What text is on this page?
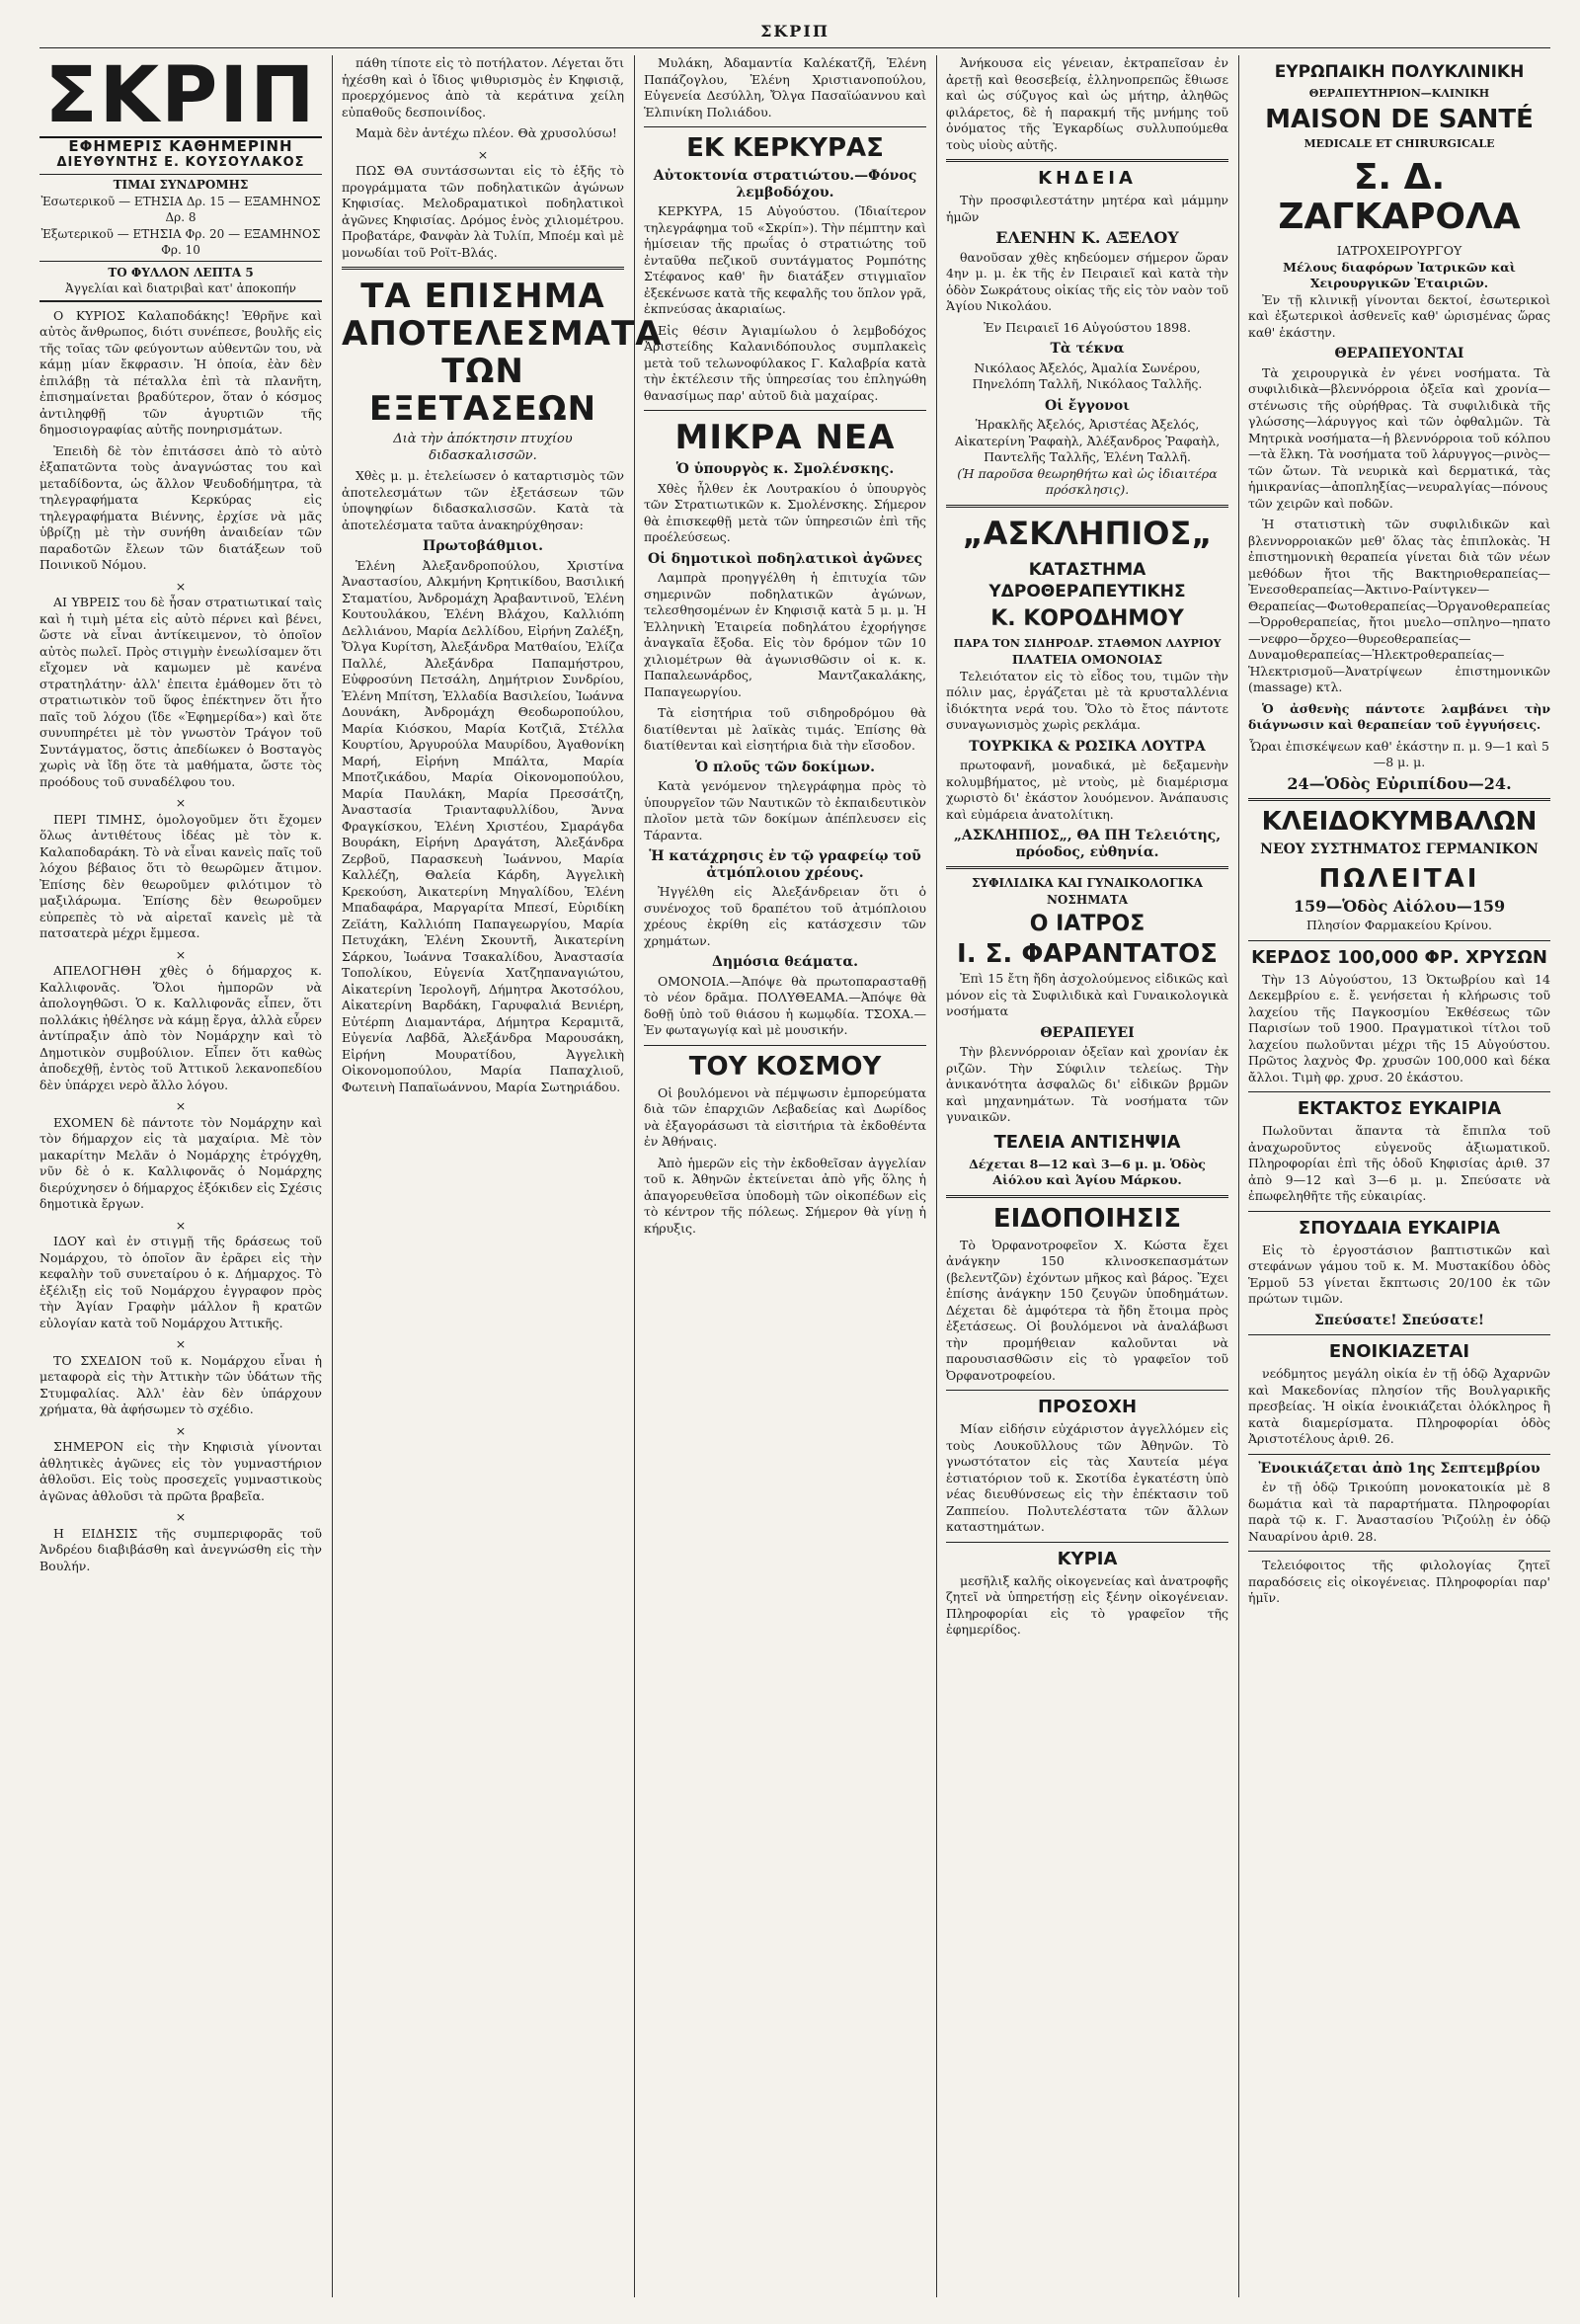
ΣΚΡΙΠ
ΣΚΡΙΠ
ΕΦΗΜΕΡΙΣ ΚΑΘΗΜΕΡΙΝΗ
ΔΙΕΥΘΥΝΤΗΣ Ε. ΚΟΥΣΟΥΛΑΚΟΣ
ΤΙΜΑΙ ΣΥΝΔΡΟΜΗΣ
Ἐσωτερικοῦ — ΕΤΗΣΙΑ Δρ. 15 — ΕΞΑΜΗΝΟΣ Δρ. 8
Ἐξωτερικοῦ — ΕΤΗΣΙΑ Φρ. 20 — ΕΞΑΜΗΝΟΣ Φρ. 10
ΤΟ ΦΥΛΛΟΝ ΛΕΠΤΑ 5
Ἀγγελίαι καὶ διατριβαὶ κατ' ἀποκοπήν

Ο ΚΥΡΙΟΣ Καλαποδάκης! Ἐθρῆνε καὶ αὐτὸς ἄνθρωπος, διότι συνέπεσε, βουλῆς εἰς τῆς τοῖας τῶν φεύγοντων αὐθεντῶν του, νὰ κάμῃ μίαν ἔκφρασιν. Ἡ ὁποία, ἐὰν δὲν ἐπιλάβῃ τὰ πέταλλα ἐπὶ τὰ πλανῆτη, ἐπισημαίνεται βραδύτερον, ὅταν ὁ κόσμος ἀντιληφθῇ τῶν ἀγυρτιῶν τῆς δημοσιογραφίας αὐτῆς πονηρισμάτων.

Ἐπειδὴ δὲ τὸν ἐπιτάσσει ἀπὸ τὸ αὐτὸ ἐξαπατῶντα τοὺς ἀναγνώστας του καὶ μεταδίδοντα, ὡς ἄλλον Ψευδοδήμητρα, τὰ τηλεγραφήματα Κερκύρας εἰς τηλεγραφήματα Βιέννης, ἐρχίσε νὰ μᾶς ὑβρίζῃ μὲ τὴν συνήθη ἀναιδείαν τῶν παραδοτῶν ἔλεων τῶν διατάξεων τοῦ Ποινικοῦ Νόμου.

×

ΑΙ ΥΒΡΕΙΣ του δὲ ἦσαν στρατιωτικαί ταὶς καὶ ἡ τιμὴ μέτα εἰς αὐτὸ πέρνει καὶ βένει, ὥστε νὰ εἶναι ἀντίκειμενον, τὸ ὁποῖον αὐτὸς πωλεῖ. Πρὸς στιγμὴν ἐνεωλίσαμεν ὅτι εἴχομεν νὰ καμωμεν μὲ κανένα στρατηλάτην· ἀλλ' ἐπειτα ἐμάθομεν ὅτι τὸ στρατιωτικὸν τοῦ ὕφος ἐπέκτηνεν ὅτι ἦτο παῖς τοῦ λόχου (ἴδε «Ἐφημερίδα») καὶ ὅτε συνυπηρέτει μὲ τὸν γνωστὸν Τράγον τοῦ Συντάγματος, ὅστις ἀπεδίωκεν ὁ Βοσταγὸς χωρὶς νὰ ἴδῃ ὅτε τὰ μαθήματα, ὥστε τὸς προόδους τοῦ συναδέλφου του.

×

ΠΕΡΙ ΤΙΜΗΣ, ὁμολογοῦμεν ὅτι ἔχομεν ὅλως ἀντιθέτους ἰδέας μὲ τὸν κ. Καλαποδαράκη. Τὸ νὰ εἶναι κανεὶς παῖς τοῦ λόχου βέβαιος ὅτι τὸ θεωρῶμεν ἄτιμον. Ἐπίσης δὲν θεωροῦμεν φιλότιμον τὸ μαξιλάρωμα. Ἐπίσης δὲν θεωροῦμεν εὐπρεπὲς τὸ νὰ αἰρεταῖ κανεὶς μὲ τὰ πατσατερὰ μέχρι ἔμμεσα.

×

ΑΠΕΛΟΓΗΘΗ χθὲς ὁ δήμαρχος κ. Καλλιφονᾶς. Ὅλοι ἠμπορῶν νὰ ἀπολογηθῶσι. Ὁ κ. Καλλιφονᾶς εἶπεν, ὅτι πολλάκις ἠθέλησε νὰ κάμῃ ἔργα, ἀλλὰ εὗρεν ἀντίπραξιν ἀπὸ τὸν Νομάρχην καὶ τὸ Δημοτικὸν συμβούλιον. Εἶπεν ὅτι καθὼς ἀποδεχθῇ, ἐντὸς τοῦ Ἀττικοῦ λεκανοπεδίου δὲν ὑπάρχει νερὸ ἄλλο λόγου.

×

ΕΧΟΜΕΝ δὲ πάντοτε τὸν Νομάρχην καὶ τὸν δήμαρχον εἰς τὰ μαχαίρια. Μὲ τὸν μακαρίτην Μελᾶν ὁ Νομάρχης ἐτρόγχθη, νῦν δὲ ὁ κ. Καλλιφονᾶς ὁ Νομάρχης διερύχνησεν ὁ δήμαρχος ἐξόκιδεν εἰς Σχέσις δημοτικὰ ἔργων.

×

ΙΔΟΥ καὶ ἐν στιγμῇ τῆς δράσεως τοῦ Νομάρχου, τὸ ὁποῖον ἂν ἐρᾶρει εἰς τὴν κεφαλὴν τοῦ συνεταίρου ὁ κ. Δήμαρχος. Τὸ ἐξέλιξῃ εἰς τοῦ Νομάρχου ἐγγραφον πρὸς τὴν Ἁγίαν Γραφὴν μάλλον ἢ κρατῶν εὐλογίαν κατὰ τοῦ Νομάρχου Ἀττικῆς.

×

ΤΟ ΣΧΕΔΙΟΝ τοῦ κ. Νομάρχου εἶναι ἡ μεταφορὰ εἰς τὴν Ἀττικὴν τῶν ὑδάτων τῆς Στυμφαλίας. Ἀλλ' ἐὰν δὲν ὑπάρχουν χρήματα, θὰ ἀφήσωμεν τὸ σχέδιο.

×

ΣΗΜΕΡΟΝ εἰς τὴν Κηφισιὰ γίνονται ἀθλητικὲς ἀγῶνες εἰς τὸν γυμναστήριον ἀθλοῦσι. Εἰς τοὺς προσεχεῖς γυμναστικοὺς ἀγῶνας ἀθλοῦσι τὰ πρῶτα βραβεῖα.

×

Η ΕΙΔΗΣΙΣ τῆς συμπεριφορᾶς τοῦ Ἀνδρέου διαβιβάσθη καὶ ἀνεγνώσθη εἰς τὴν Βουλήν.

πάθη τίποτε εἰς τὸ ποτήλατον. Λέγεται ὅτι ἡχέσθη καὶ ὁ ἴδιος ψιθυρισμὸς ἐν Κηφισιᾷ, προερχόμενος ἀπὸ τὰ κεράτινα χείλη εὐπαθοῦς δεσποινίδος.

Μαμὰ δὲν ἀντέχω πλέον. Θὰ χρυσολύσω!

×

ΠΩΣ ΘΑ συντάσσωνται εἰς τὸ ἑξῆς τὸ προγράμματα τῶν ποδηλατικῶν ἀγώνων Κηφισίας. Μελοδραματικοὶ ποδηλατικοὶ ἀγῶνες Κηφισίας. Δρόμος ἑνὸς χιλιομέτρου. Προβατάρε, Φανφὰν λὰ Τυλίπ, Μποέμ καὶ μὲ μονωδίαι τοῦ Ροϊτ-Βλάς.

ΤΑ ΕΠΙΣΗΜΑ ΑΠΟΤΕΛΕΣΜΑΤΑ ΤΩΝ ΕΞΕΤΑΣΕΩΝ
Διὰ τὴν ἀπόκτησιν πτυχίου διδασκαλισσῶν.

Χθὲς μ. μ. ἐτελείωσεν ὁ καταρτισμὸς τῶν ἀποτελεσμάτων τῶν ἐξετάσεων τῶν ὑποψηφίων διδασκαλισσῶν. Κατὰ τὰ ἀποτελέσματα ταῦτα ἀνακηρύχθησαν:

Πρωτοβάθμιοι.

Ἑλένη Ἀλεξανδροπούλου, Χριστίνα Ἀναστασίου, Αλκμήνη Κρητικίδου, Βασιλική Σταματίου, Ἀνδρομάχη Ἀραβαντινοῦ, Ἑλένη Κουτουλάκου, Ἑλένη Βλάχου, Καλλιόπη Δελλιάνου, Μαρία Δελλίδου, Εἰρήνη Ζαλέξη, Ὄλγα Κυρίτση, Ἀλεξάνδρα Ματθαίου, Ἐλίζα Παλλέ, Ἀλεξάνδρα Παπαμήστρου, Εὐφροσύνη Πετσάλη, Δημήτριον Συνδρίου, Ἑλένη Μπίτση, Ἑλλαδία Βασιλείου, Ἰωάννα Δουνάκη, Ἀνδρομάχη Θεοδωροπούλου, Μαρία Κιόσκου, Μαρία Κοτζιᾶ, Στέλλα Κουρτίου, Ἀργυρούλα Μαυρίδου, Ἀγαθονίκη Μαρή, Εἰρήνη Μπάλτα, Μαρία Μποτζικάδου, Μαρία Οἰκονομοπούλου, Μαρία Παυλάκη, Μαρία Πρεσσάτζη, Ἀναστασία Τριανταφυλλίδου, Ἄννα Φραγκίσκου, Ἑλένη Χριστέου, Σμαράγδα Βουράκη, Εἰρήνη Δραγάτση, Ἀλεξάνδρα Ζερβοῦ, Παρασκευὴ Ἰωάννου, Μαρία Καλλέζη, Θαλεία Κάρδη, Ἀγγελικὴ Κρεκούση, Ἀικατερίνη Μηγαλίδου, Ἑλένη Μπαδαφάρα, Μαργαρίτα Μπεσί, Εὐριδίκη Ζεϊάτη, Καλλιόπη Παπαγεωργίου, Μαρία Πετυχάκη, Ἑλένη Σκουντῆ, Ἀικατερίνη Σάρκου, Ἰωάννα Τσακαλίδου, Ἀναστασία Τοπολίκου, Εὐγενία Χατζηπαναγιώτου, Αἰκατερίνη Ἰερολογῆ, Δήμητρα Ἀκοτσόλου, Αἰκατερίνη Βαρδάκη, Γαρυφαλιά Βενιέρη, Εὐτέρπη Διαμαντάρα, Δήμητρα Κεραμιτᾶ, Εὐγενία Λαβδᾶ, Ἀλεξάνδρα Μαρουσάκη, Εἰρήνη Μουρατίδου, Ἀγγελικὴ Οἰκονομοπούλου, Μαρία Παπαχλιοῦ, Φωτεινὴ Παπαϊωάννου, Μαρία Σωτηριάδου.

Μυλάκη, Ἀδαμαντία Καλέκατζῆ, Ἑλένη Παπάζογλου, Ἑλένη Χριστιανοπούλου, Εὐγενεία Δεσύλλη, Ὄλγα Πασαϊώαννου καὶ Ἑλπινίκη Πολιάδου.

ΕΚ ΚΕΡΚΥΡΑΣ
Αὐτοκτονία στρατιώτου.—Φόνος λεμβοδόχου.

ΚΕΡΚΥΡΑ, 15 Αὐγούστου. (Ἰδιαίτερον τηλεγράφημα τοῦ «Σκρίπ»). Τὴν πέμπτην καὶ ἡμίσειαν τῆς πρωΐας ὁ στρατιώτης τοῦ ἐνταῦθα πεζικοῦ συντάγματος Ρομπότης Στέφανος καθ' ἣν διατάξεν στιγμιαῖον ἐξεκένωσε κατὰ τῆς κεφαλῆς του ὅπλον γρᾶ, ἐκπνεύσας ἀκαριαίως.

Εἰς θέσιν Ἀγιαμίωλου ὁ λεμβοδόχος Ἀριστείδης Καλανιδόπουλος συμπλακεὶς μετὰ τοῦ τελωνοφύλακος Γ. Καλαβρία κατὰ τὴν ἐκτέλεσιν τῆς ὑπηρεσίας του ἐπληγώθη θανασίμως παρ' αὐτοῦ διὰ μαχαίρας.

ΜΙΚΡΑ ΝΕΑ
Ὁ ὑπουργὸς κ. Σμολένσκης.

Χθὲς ἦλθεν ἐκ Λουτρακίου ὁ ὑπουργὸς τῶν Στρατιωτικῶν κ. Σμολένσκης. Σήμερον θὰ ἐπισκεφθῇ μετὰ τῶν ὑπηρεσιῶν ἐπὶ τῆς προέλεύσεως.

Οἱ δημοτικοὶ ποδηλατικοὶ ἀγῶνες

Λαμπρὰ προηγγέλθη ἡ ἐπιτυχία τῶν σημερινῶν ποδηλατικῶν ἀγώνων, τελεσθησομένων ἐν Κηφισιᾷ κατὰ 5 μ. μ. Ἡ Ἑλληνικὴ Ἑταιρεία ποδηλάτου ἐχορήγησε ἀναγκαῖα ἔξοδα. Εἰς τὸν δρόμον τῶν 10 χιλιομέτρων θὰ ἀγωνισθῶσιν οἱ κ. κ. Παπαλεωνάρδος, Μαντζακαλάκης, Παπαγεωργίου.

Τὰ εἰσητήρια τοῦ σιδηροδρόμου θὰ διατίθενται μὲ λαϊκὰς τιμάς. Ἐπίσης θὰ διατίθενται καὶ εἰσητήρια διὰ τὴν εἴσοδον.

Ὁ πλοῦς τῶν δοκίμων.

Κατὰ γενόμενον τηλεγράφημα πρὸς τὸ ὑπουργεῖον τῶν Ναυτικῶν τὸ ἐκπαιδευτικὸν πλοῖον μετὰ τῶν δοκίμων ἀπέπλευσεν εἰς Τάραντα.

Ἡ κατάχρησις ἐν τῷ γραφείῳ τοῦ ἀτμόπλοιου χρέους.

Ἠγγέλθη εἰς Ἀλεξάνδρειαν ὅτι ὁ συνένοχος τοῦ δραπέτου τοῦ ἀτμόπλοιου χρέους ἐκρίθη εἰς κατάσχεσιν τῶν χρημάτων.

Δημόσια θεάματα.

ΟΜΟΝΟΙΑ.—Ἀπόψε θὰ πρωτοπαρασταθῇ τὸ νέον δρᾶμα. ΠΟΛΥΘΕΑΜΑ.—Ἀπόψε θὰ δοθῇ ὑπὸ τοῦ θιάσου ἡ κωμῳδία. ΤΣΟΧΑ.—Ἐν φωταγωγίᾳ καὶ μὲ μουσικήν.

ΤΟΥ ΚΟΣΜΟΥ

Οἱ βουλόμενοι νὰ πέμψωσιν ἐμπορεύματα διὰ τῶν ἐπαρχιῶν Λεβαδείας καὶ Δωρίδος νὰ ἐξαγοράσωσι τὰ εἰσιτήρια τὰ ἐκδοθέντα ἐν Ἀθήναις.

Ἀπὸ ἡμερῶν εἰς τὴν ἐκδοθεῖσαν ἀγγελίαν τοῦ κ. Ἀθηνῶν ἐκτείνεται ἀπὸ γῆς ὅλης ἡ ἀπαγορευθεῖσα ὑποδομὴ τῶν οἰκοπέδων εἰς τὸ κέντρον τῆς πόλεως. Σήμερον θὰ γίνῃ ἡ κήρυξις.

Ἀνήκουσα εἰς γένειαν, ἐκτραπεῖσαν ἐν ἀρετῇ καὶ θεοσεβείᾳ, ἐλληνοπρεπῶς ἔθιωσε καὶ ὡς σύζυγος καὶ ὡς μήτηρ, ἀληθῶς φιλάρετος, δὲ ἡ παρακμή τῆς μνήμης τοῦ ὀνόματος τῆς Ἐγκαρδίως συλλυπούμεθα τοὺς υἱοὺς αὐτῆς.

ΚΗΔΕΙΑ

Τὴν προσφιλεστάτην μητέρα καὶ μάμμην ἡμῶν

ΕΛΕΝΗΝ Κ. ΑΞΕΛΟΥ

θανοῦσαν χθὲς κηδεύομεν σήμερον ὥραν 4ην μ. μ. ἐκ τῆς ἐν Πειραιεῖ καὶ κατὰ τὴν ὁδὸν Σωκράτους οἰκίας τῆς εἰς τὸν ναὸν τοῦ Ἁγίου Νικολάου.

Ἐν Πειραιεῖ 16 Αὐγούστου 1898.
Τὰ τέκνα
Νικόλαος Ἀξελός, Ἀμαλία Σωνέρου, Πηνελόπη Ταλλῆ, Νικόλαος Ταλλῆς.
Οἱ ἔγγονοι
Ἡρακλῆς Ἀξελός, Ἀριστέας Ἀξελός, Αἰκατερίνη Ῥαφαὴλ, Ἀλέξανδρος Ῥαφαὴλ, Παντελῆς Ταλλῆς, Ἑλένη Ταλλῆ.
(Ἡ παροῦσα θεωρηθήτω καὶ ὡς ἰδιαιτέρα πρόσκλησις).
„ΑΣΚΛΗΠΙΟΣ„
ΚΑΤΑΣΤΗΜΑ ΥΔΡΟΘΕΡΑΠΕΥΤΙΚΗΣ
Κ. ΚΟΡΟΔΗΜΟΥ
ΠΑΡΑ ΤΟΝ ΣΙΔΗΡΟΔΡ. ΣΤΑΘΜΟΝ ΛΑΥΡΙΟΥ
ΠΛΑΤΕΙΑ ΟΜΟΝΟΙΑΣ

Τελειότατον εἰς τὸ εἶδος του, τιμῶν τὴν πόλιν μας, ἐργάζεται μὲ τὰ κρυσταλλένια ἰδιόκτητα νερά του. Ὅλο τὸ ἔτος πάντοτε συναγωνισμὸς χωρὶς ρεκλάμα.

ΤΟΥΡΚΙΚΑ & ΡΩΣΙΚΑ ΛΟΥΤΡΑ

πρωτοφανῆ, μοναδικά, μὲ δεξαμενὴν κολυμβήματος, μὲ ντοὺς, μὲ διαμέρισμα χωριστὸ δι' ἐκάστον λουόμενον. Ἀνάπαυσις καὶ εὐμάρεια ἀνατολίτικη.

„ΑΣΚΛΗΠΙΟΣ„, ΘΑ ΠΗ Τελειότης, πρόοδος, εὐθηνία.
ΣΥΦΙΛΙΔΙΚΑ ΚΑΙ ΓΥΝΑΙΚΟΛΟΓΙΚΑ ΝΟΣΗΜΑΤΑ
Ο ΙΑΤΡΟΣ
Ι. Σ. ΦΑΡΑΝΤΑΤΟΣ

Ἐπὶ 15 ἔτη ἤδη ἀσχολούμενος εἰδικῶς καὶ μόνον εἰς τὰ Συφιλιδικὰ καὶ Γυναικολογικὰ νοσήματα

ΘΕΡΑΠΕΥΕΙ

Τὴν βλεννόρροιαν ὀξεῖαν καὶ χρονίαν ἐκ ριζῶν. Τὴν Σύφιλιν τελείως. Τὴν ἀνικανότητα ἀσφαλῶς δι' εἰδικῶν βρμῶν καὶ μηχανημάτων. Τὰ νοσήματα τῶν γυναικῶν.

ΤΕΛΕΙΑ ΑΝΤΙΣΗΨΙΑ
Δέχεται 8—12 καὶ 3—6 μ. μ. Ὁδὸς Αἰόλου καὶ Ἁγίου Μάρκου.
ΕΙΔΟΠΟΙΗΣΙΣ

Τὸ Ὀρφανοτροφεῖον Χ. Κώστα ἔχει ἀνάγκην 150 κλινοσκεπασμάτων (βελεντζῶν) ἐχόντων μῆκος καὶ βάρος. Ἔχει ἐπίσης ἀνάγκην 150 ζευγῶν ὑποδημάτων. Δέχεται δὲ ἀμφότερα τὰ ἤδη ἔτοιμα πρὸς ἐξετάσεως. Οἱ βουλόμενοι νὰ ἀναλάβωσι τὴν προμήθειαν καλοῦνται νὰ παρουσιασθῶσιν εἰς τὸ γραφεῖον τοῦ Ὀρφανοτροφείου.

ΠΡΟΣΟΧΗ

Μίαν εἰδήσιν εὐχάριστον ἀγγελλόμεν εἰς τοὺς Λουκοῦλλους τῶν Ἀθηνῶν. Τὸ γνωστότατον εἰς τὰς Χαυτεία μέγα ἑστιατόριον τοῦ κ. Σκοτίδα ἐγκατέστη ὑπὸ νέας διευθύνσεως εἰς τὴν ἐπέκτασιν τοῦ Ζαππείου. Πολυτελέστατα τῶν ἄλλων καταστημάτων.

ΚΥΡΙΑ

μεσῆλιξ καλῆς οἰκογενείας καὶ ἀνατροφῆς ζητεῖ νὰ ὑπηρετήσῃ εἰς ξένην οἰκογένειαν. Πληροφορίαι εἰς τὸ γραφεῖον τῆς ἐφημερίδος.

ΕΥΡΩΠΑΙΚΗ ΠΟΛΥΚΛΙΝΙΚΗ
ΘΕΡΑΠΕΥΤΗΡΙΟΝ—ΚΛΙΝΙΚΗ
MAISON DE SANTÉ
MEDICALE ET CHIRURGICALE
Σ. Δ. ΖΑΓΚΑΡΟΛΑ
ΙΑΤΡΟΧΕΙΡΟΥΡΓΟΥ
Μέλους διαφόρων Ἰατρικῶν καὶ Χειρουργικῶν Ἑταιριῶν.

Ἐν τῇ κλινικῇ γίνονται δεκτοί, ἐσωτερικοὶ καὶ ἐξωτερικοὶ ἀσθενεῖς καθ' ὡρισμένας ὥρας καθ' ἑκάστην.

ΘΕΡΑΠΕΥΟΝΤΑΙ

Τὰ χειρουργικὰ ἐν γένει νοσήματα. Τὰ συφιλιδικὰ—βλεννόρροια ὀξεῖα καὶ χρονία—στένωσις τῆς οὐρήθρας. Τὰ συφιλιδικὰ τῆς γλώσσης—λάρυγγος καὶ τῶν ὀφθαλμῶν. Τὰ Μητρικὰ νοσήματα—ἡ βλεννόρροια τοῦ κόλπου—τὰ ἕλκη. Τὰ νοσήματα τοῦ λάρυγγος—ρινὸς—τῶν ὤτων. Τὰ νευρικὰ καὶ δερματικά, τὰς ἡμικρανίας—ἀποπληξίας—νευραλγίας—πόνους τῶν χειρῶν καὶ ποδῶν.

Ἡ στατιστικὴ τῶν συφιλιδικῶν καὶ βλεννορροιακῶν μεθ' ὅλας τὰς ἐπιπλοκὰς. Ἡ ἐπιστημονικὴ θεραπεία γίνεται διὰ τῶν νέων μεθόδων ἤτοι τῆς Βακτηριοθεραπείας—Ἐνεσοθεραπείας—Ἀκτινο-Ραίντγκεν—Θεραπείας—Φωτοθεραπείας—Ὀργανοθεραπείας—Ὀρροθεραπείας, ἤτοι μυελο—σπληνο—ηπατο—νεφρο—ὄρχεο—θυρεοθεραπείας—Δυναμοθεραπείας—Ἡλεκτροθεραπείας—Ἡλεκτρισμοῦ—Ἀνατρίψεων ἐπιστημονικῶν (massage) κτλ.

Ὁ ἀσθενὴς πάντοτε λαμβάνει τὴν διάγνωσιν καὶ θεραπείαν τοῦ ἐγγυήσεις.

Ὧραι ἐπισκέψεων καθ' ἑκάστην π. μ. 9—1 καὶ 5—8 μ. μ.
24—Ὁδὸς Εὐριπίδου—24.
ΚΛΕΙΔΟΚΥΜΒΑΛΩΝ
ΝΕΟΥ ΣΥΣΤΗΜΑΤΟΣ ΓΕΡΜΑΝΙΚΟΝ
ΠΩΛΕΙΤΑΙ
159—Ὁδὸς Αἰόλου—159
Πλησίον Φαρμακείου Κρίνου.
ΚΕΡΔΟΣ 100,000 ΦΡ. ΧΡΥΣΩΝ

Τὴν 13 Αὐγούστου, 13 Ὀκτωβρίου καὶ 14 Δεκεμβρίου ε. ἔ. γενήσεται ἡ κλήρωσις τοῦ λαχείου τῆς Παγκοσμίου Ἐκθέσεως τῶν Παρισίων τοῦ 1900. Πραγματικοὶ τίτλοι τοῦ λαχείου πωλοῦνται μέχρι τῆς 15 Αὐγούστου. Πρῶτος λαχνὸς Φρ. χρυσῶν 100,000 καὶ δέκα ἄλλοι. Τιμὴ φρ. χρυσ. 20 ἑκάστου.

ΕΚΤΑΚΤΟΣ ΕΥΚΑΙΡΙΑ

Πωλοῦνται ἅπαντα τὰ ἔπιπλα τοῦ ἀναχωροῦντος εὐγενοῦς ἀξιωματικοῦ. Πληροφορίαι ἐπὶ τῆς ὁδοῦ Κηφισίας ἀριθ. 37 ἀπὸ 9—12 καὶ 3—6 μ. μ. Σπεύσατε νὰ ἐπωφεληθῆτε τῆς εὐκαιρίας.

ΣΠΟΥΔΑΙΑ ΕΥΚΑΙΡΙΑ

Εἰς τὸ ἐργοστάσιον βαπτιστικῶν καὶ στεφάνων γάμου τοῦ κ. Μ. Μυστακίδου ὁδὸς Ἑρμοῦ 53 γίνεται ἔκπτωσις 20/100 ἐκ τῶν πρώτων τιμῶν.

Σπεύσατε! Σπεύσατε!
ΕΝΟΙΚΙΑΖΕΤΑΙ

νεόδμητος μεγάλη οἰκία ἐν τῇ ὁδῷ Ἀχαρνῶν καὶ Μακεδονίας πλησίον τῆς Βουλγαρικῆς πρεσβείας. Ἡ οἰκία ἐνοικιάζεται ὁλόκληρος ἢ κατὰ διαμερίσματα. Πληροφορίαι ὁδὸς Ἀριστοτέλους ἀριθ. 26.

Ἐνοικιάζεται ἀπὸ 1ης Σεπτεμβρίου

ἐν τῇ ὁδῷ Τρικούπη μονοκατοικία μὲ 8 δωμάτια καὶ τὰ παραρτήματα. Πληροφορίαι παρὰ τῷ κ. Γ. Ἀναστασίου Ῥιζούλῃ ἐν ὁδῷ Ναυαρίνου ἀριθ. 28.

Τελειόφοιτος τῆς φιλολογίας ζητεῖ παραδόσεις εἰς οἰκογένειας. Πληροφορίαι παρ' ἡμῖν.
